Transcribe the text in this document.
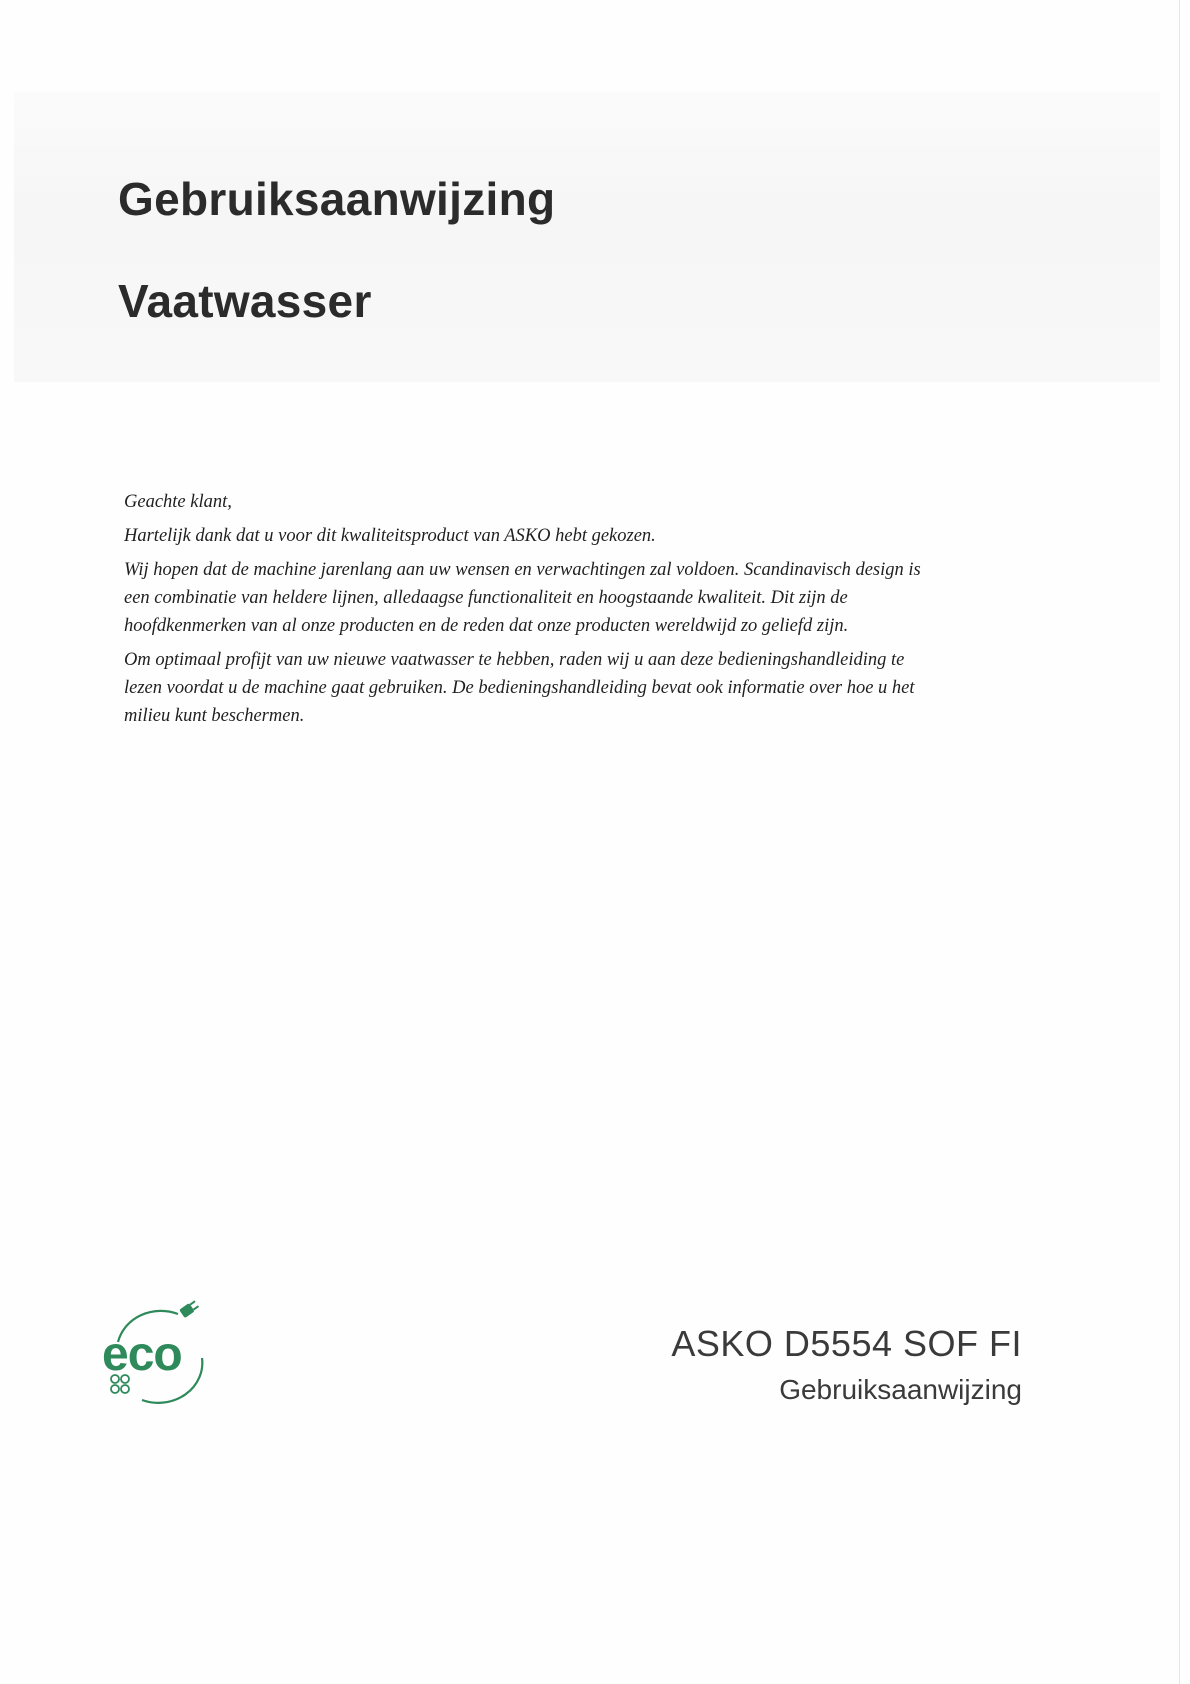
Gebruiksaanwijzing
Vaatwasser

Geachte klant,

Hartelijk dank dat u voor dit kwaliteitsproduct van ASKO hebt gekozen.

Wij hopen dat de machine jarenlang aan uw wensen en verwachtingen zal voldoen. Scandinavisch design is een combinatie van heldere lijnen, alledaagse functionaliteit en hoogstaande kwaliteit. Dit zijn de hoofdkenmerken van al onze producten en de reden dat onze producten wereldwijd zo geliefd zijn.

Om optimaal profijt van uw nieuwe vaatwasser te hebben, raden wij u aan deze bedieningshandleiding te lezen voordat u de machine gaat gebruiken. De bedieningshandleiding bevat ook informatie over hoe u het milieu kunt beschermen.

eco	ASKO D5554 SOF FI
Gebruiksaanwijzing
